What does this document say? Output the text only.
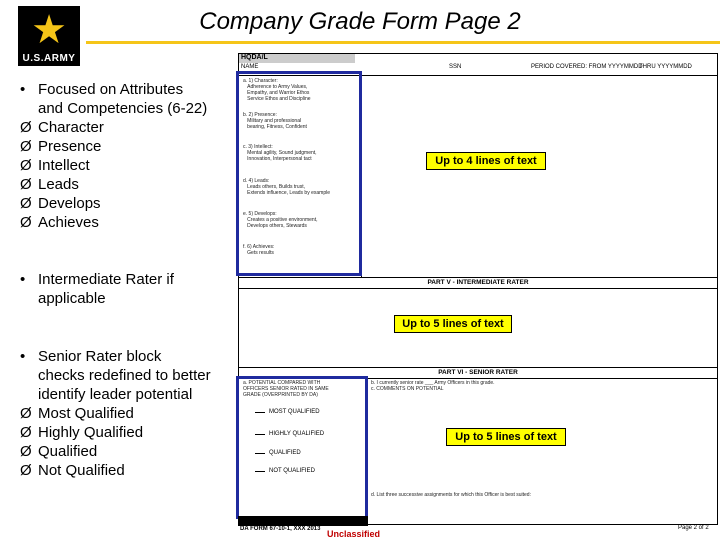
★
U.S.ARMY
Company Grade Form Page 2
• Focused on Attributes
and Competencies (6-22)
Ø Character
Ø Presence
Ø Intellect
Ø Leads
Ø Develops
Ø Achieves
• Intermediate Rater if
applicable
• Senior Rater block
checks redefined to better
identify leader potential
Ø Most Qualified
Ø Highly Qualified
Ø Qualified
Ø Not Qualified
HQDA/L
NAME	SSN	PERIOD COVERED: FROM YYYYMMDD
THRU YYYYMMDD
a. 1) Character:
Adherence to Army Values,
Empathy, and Warrior Ethos
Service Ethos and Discipline
b. 2) Presence:
Military and professional
bearing, Fitness, Confident
c. 3) Intellect:
Mental agility, Sound judgment,
Innovation, Interpersonal tact
d. 4) Leads:
Leads others, Builds trust,
Extends influence, Leads by example
e. 5) Develops:
Creates a positive environment,
Develops others, Stewards
f. 6) Achieves:
Gets results
PART V - INTERMEDIATE RATER
PART VI - SENIOR RATER
a. POTENTIAL COMPARED WITH
OFFICERS SENIOR RATED IN SAME
GRADE (OVERPRINTED BY DA)
b. I currently senior rate ___ Army Officers in this grade.
c. COMMENTS ON POTENTIAL
MOST QUALIFIED
HIGHLY QUALIFIED
QUALIFIED
NOT QUALIFIED
d. List three successive assignments for which this Officer is best suited:
Up to 4 lines of text
Up to 5 lines of text
Up to 5 lines of text
DA FORM 67-10-1, XXX 2013 Unclassified
Page 2 of 2
